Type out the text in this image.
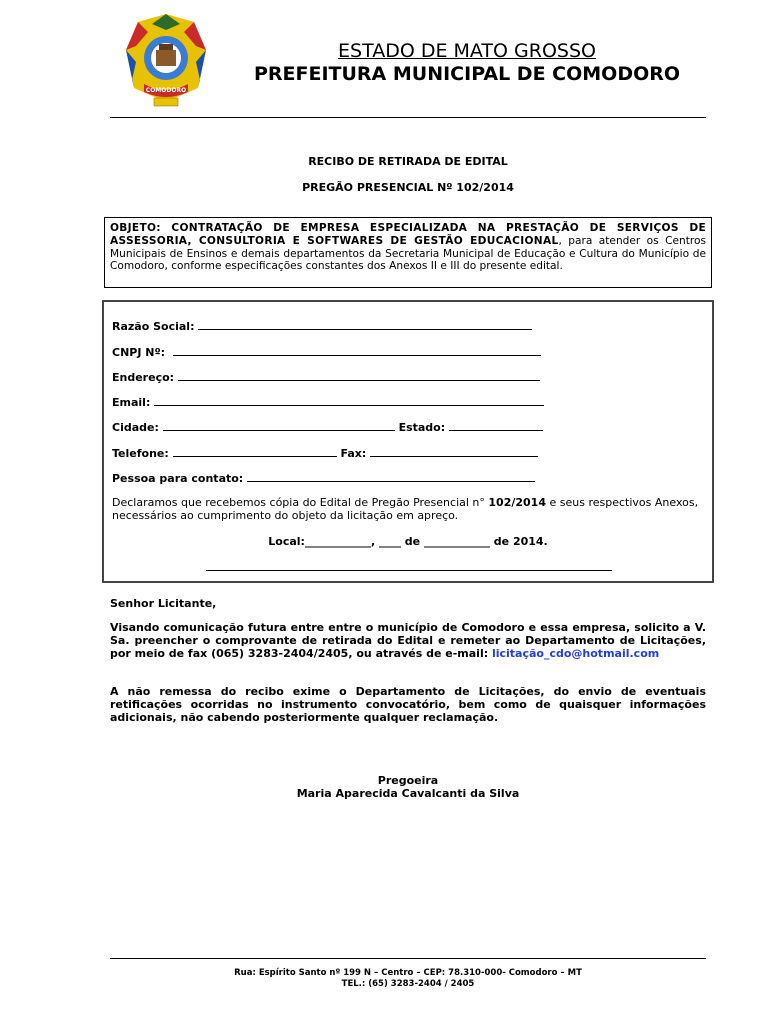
COMODORO
ESTADO DE MATO GROSSO
PREFEITURA MUNICIPAL DE COMODORO
RECIBO DE RETIRADA DE EDITAL
PREGÃO PRESENCIAL Nº 102/2014
OBJETO: CONTRATAÇÃO DE EMPRESA ESPECIALIZADA NA PRESTAÇÃO DE SERVIÇOS DE ASSESSORIA, CONSULTORIA E SOFTWARES DE GESTÃO EDUCACIONAL, para atender os Centros Municipais de Ensinos e demais departamentos da Secretaria Municipal de Educação e Cultura do Município de Comodoro, conforme especificações constantes dos Anexos II e III do presente edital.
Razão Social:
CNPJ Nº:
Endereço:
Email:
Cidade:	Estado:
Telefone:	Fax:
Pessoa para contato:
Declaramos que recebemos cópia do Edital de Pregão Presencial n° 102/2014 e seus respectivos Anexos, necessários ao cumprimento do objeto da licitação em apreço.
Local:____________, ____ de ____________ de 2014.
Senhor Licitante,
Visando comunicação futura entre entre o município de Comodoro e essa empresa, solicito a V. Sa. preencher o comprovante de retirada do Edital e remeter ao Departamento de Licitações, por meio de fax (065) 3283-2404/2405, ou através de e-mail: licitação_cdo@hotmail.com
A não remessa do recibo exime o Departamento de Licitações, do envio de eventuais retificações ocorridas no instrumento convocatório, bem como de quaisquer informações adicionais, não cabendo posteriormente qualquer reclamação.
Pregoeira
Maria Aparecida Cavalcanti da Silva
Rua: Espírito Santo nº 199 N – Centro – CEP: 78.310-000- Comodoro – MT
TEL.: (65) 3283-2404 / 2405
